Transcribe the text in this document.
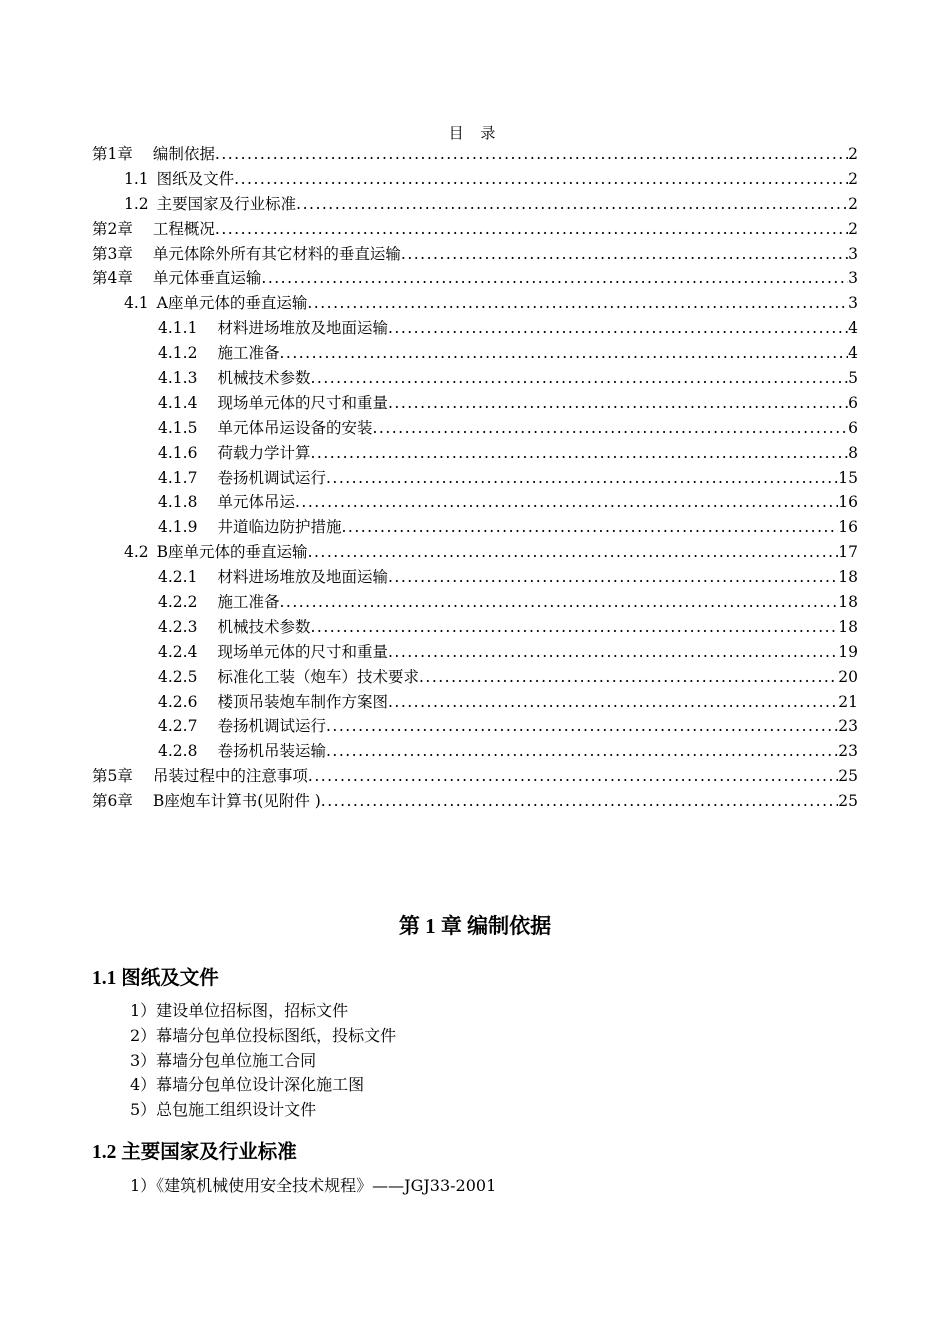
目 录
第1章 编制依据 .....	2
1.1 图纸及文件 .....	2
1.2 主要国家及行业标准 .....	2
第2章 工程概况 .....	2
第3章 单元体除外所有其它材料的垂直运输 .....	3
第4章 单元体垂直运输 .....	3
4.1 A座单元体的垂直运输 .....	3
4.1.1 材料进场堆放及地面运输 .....	4
4.1.2 施工准备 .....	4
4.1.3 机械技术参数 .....	5
4.1.4 现场单元体的尺寸和重量 .....	6
4.1.5 单元体吊运设备的安装 .....	6
4.1.6 荷载力学计算 .....	8
4.1.7 卷扬机调试运行 .....	15
4.1.8 单元体吊运 .....	16
4.1.9 井道临边防护措施 .....	16
4.2 B座单元体的垂直运输 .....	17
4.2.1 材料进场堆放及地面运输 .....	18
4.2.2 施工准备 .....	18
4.2.3 机械技术参数 .....	18
4.2.4 现场单元体的尺寸和重量 .....	19
4.2.5 标准化工装（炮车）技术要求 .....	20
4.2.6 楼顶吊装炮车制作方案图 .....	21
4.2.7 卷扬机调试运行 .....	23
4.2.8 卷扬机吊装运输 .....	23
第5章 吊装过程中的注意事项 .....	25
第6章 B座炮车计算书(见附件 ) .....	25
第 1 章 编制依据
1.1 图纸及文件
1）建设单位招标图，招标文件
2）幕墙分包单位投标图纸，投标文件
3）幕墙分包单位施工合同
4）幕墙分包单位设计深化施工图
5）总包施工组织设计文件
1.2 主要国家及行业标准
1）《建筑机械使用安全技术规程》——JGJ33-2001
